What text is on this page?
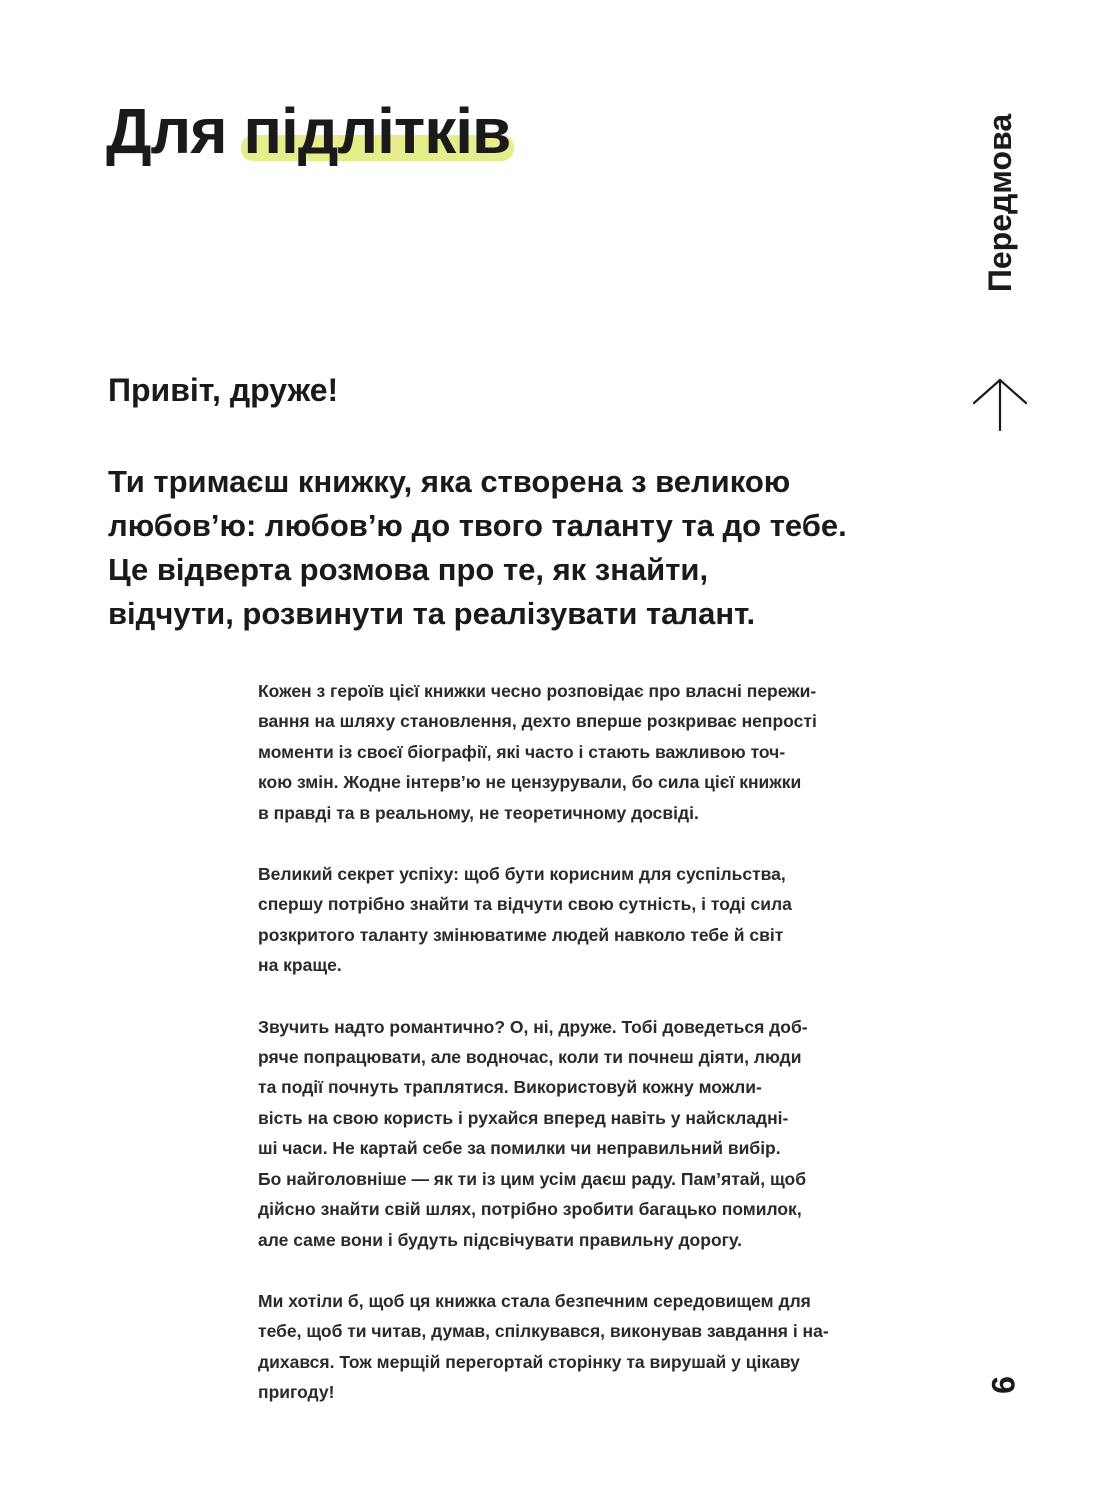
Для підлітків	Передмова

Привіт, друже!

Ти тримаєш книжку, яка створена з великою
любов’ю: любов’ю до твого таланту та до тебе.
Це відверта розмова про те, як знайти,
відчути, розвинути та реалізувати талант.

Кожен з героїв цієї книжки чесно розповідає про власні пережи-
вання на шляху становлення, дехто вперше розкриває непрості
моменти із своєї біографії, які часто і стають важливою точ-
кою змін. Жодне інтерв’ю не цензурували, бо сила цієї книжки
в правді та в реальному, не теоретичному досвіді.

Великий секрет успіху: щоб бути корисним для суспільства,
спершу потрібно знайти та відчути свою сутність, і тоді сила
розкритого таланту змінюватиме людей навколо тебе й світ
на краще.

Звучить надто романтично? О, ні, друже. Тобі доведеться доб-
ряче попрацювати, але водночас, коли ти почнеш діяти, люди
та події почнуть траплятися. Використовуй кожну можли-
вість на свою користь і рухайся вперед навіть у найскладні-
ші часи. Не картай себе за помилки чи неправильний вибір.
Бо найголовніше — як ти із цим усім даєш раду. Пам’ятай, щоб
дійсно знайти свій шлях, потрібно зробити багацько помилок,
але саме вони і будуть підсвічувати правильну дорогу.

Ми хотіли б, щоб ця книжка стала безпечним середовищем для
тебе, щоб ти читав, думав, спілкувався, виконував завдання і на-
дихався. Тож мерщій перегортай сторінку та вирушай у цікаву
пригоду!	9
